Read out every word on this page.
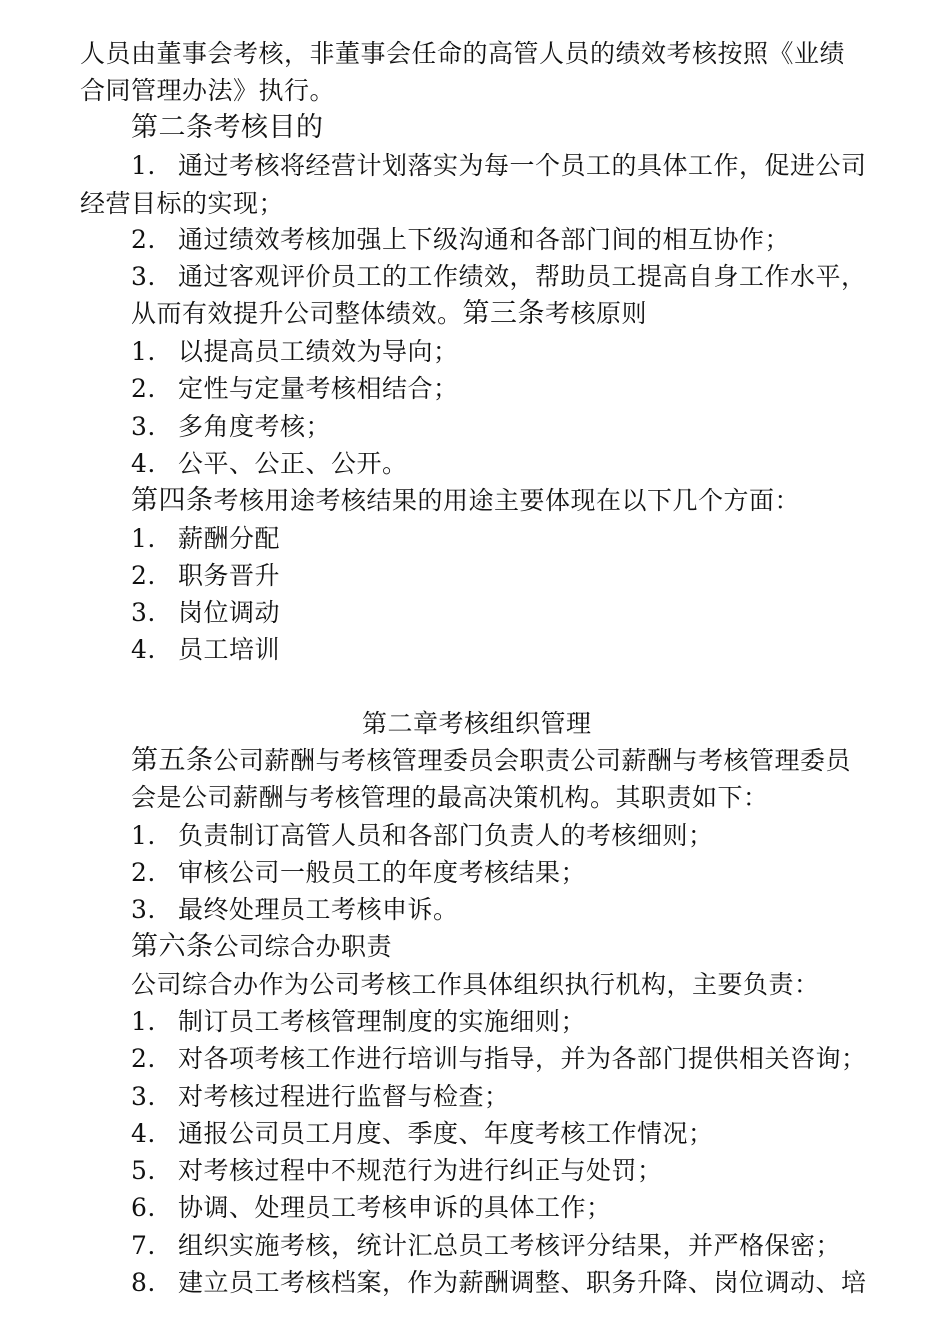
人员由董事会考核，非董事会任命的高管人员的绩效考核按照《业绩
合同管理办法》执行。
第二条考核目的
1. 通过考核将经营计划落实为每一个员工的具体工作，促进公司
经营目标的实现；
2. 通过绩效考核加强上下级沟通和各部门间的相互协作；
3. 通过客观评价员工的工作绩效，帮助员工提高自身工作水平，
从而有效提升公司整体绩效。第三条考核原则
1. 以提高员工绩效为导向；
2. 定性与定量考核相结合；
3. 多角度考核；
4. 公平、公正、公开。
第四条考核用途考核结果的用途主要体现在以下几个方面：
1. 薪酬分配
2. 职务晋升
3. 岗位调动
4. 员工培训
第二章考核组织管理
第五条公司薪酬与考核管理委员会职责公司薪酬与考核管理委员
会是公司薪酬与考核管理的最高决策机构。其职责如下：
1. 负责制订高管人员和各部门负责人的考核细则；
2. 审核公司一般员工的年度考核结果；
3. 最终处理员工考核申诉。
第六条公司综合办职责
公司综合办作为公司考核工作具体组织执行机构，主要负责：
1. 制订员工考核管理制度的实施细则；
2. 对各项考核工作进行培训与指导，并为各部门提供相关咨询；
3. 对考核过程进行监督与检查；
4. 通报公司员工月度、季度、年度考核工作情况；
5. 对考核过程中不规范行为进行纠正与处罚；
6. 协调、处理员工考核申诉的具体工作；
7. 组织实施考核，统计汇总员工考核评分结果，并严格保密；
8. 建立员工考核档案，作为薪酬调整、职务升降、岗位调动、培
